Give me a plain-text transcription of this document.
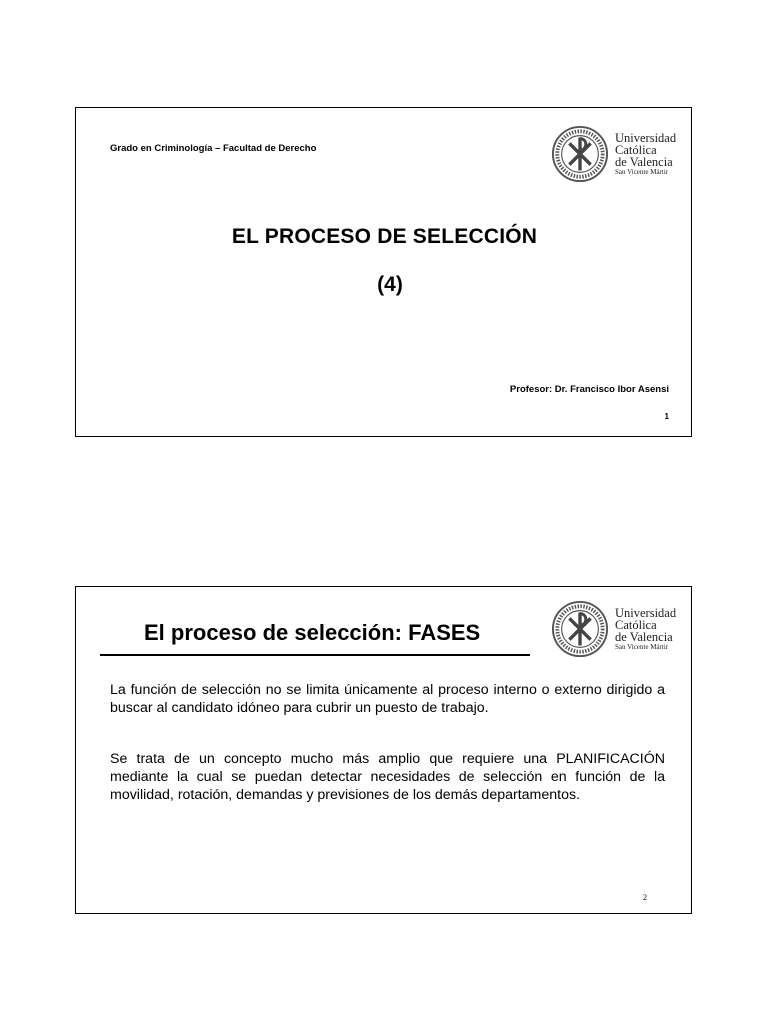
Grado en Criminología – Facultad de Derecho
Universidad
Católica
de Valencia
San Vicente Mártir
EL PROCESO DE SELECCIÓN
(4)
Profesor: Dr. Francisco Ibor Asensi
1
El proceso de selección: FASES
Universidad
Católica
de Valencia
San Vicente Mártir
La función de selección no se limita únicamente al proceso interno o externo dirigido a buscar al candidato idóneo para cubrir un puesto de trabajo.
Se trata de un concepto mucho más amplio que requiere una PLANIFICACIÓN mediante la cual se puedan detectar necesidades de selección en función de la movilidad, rotación, demandas y previsiones de los demás departamentos.
2
